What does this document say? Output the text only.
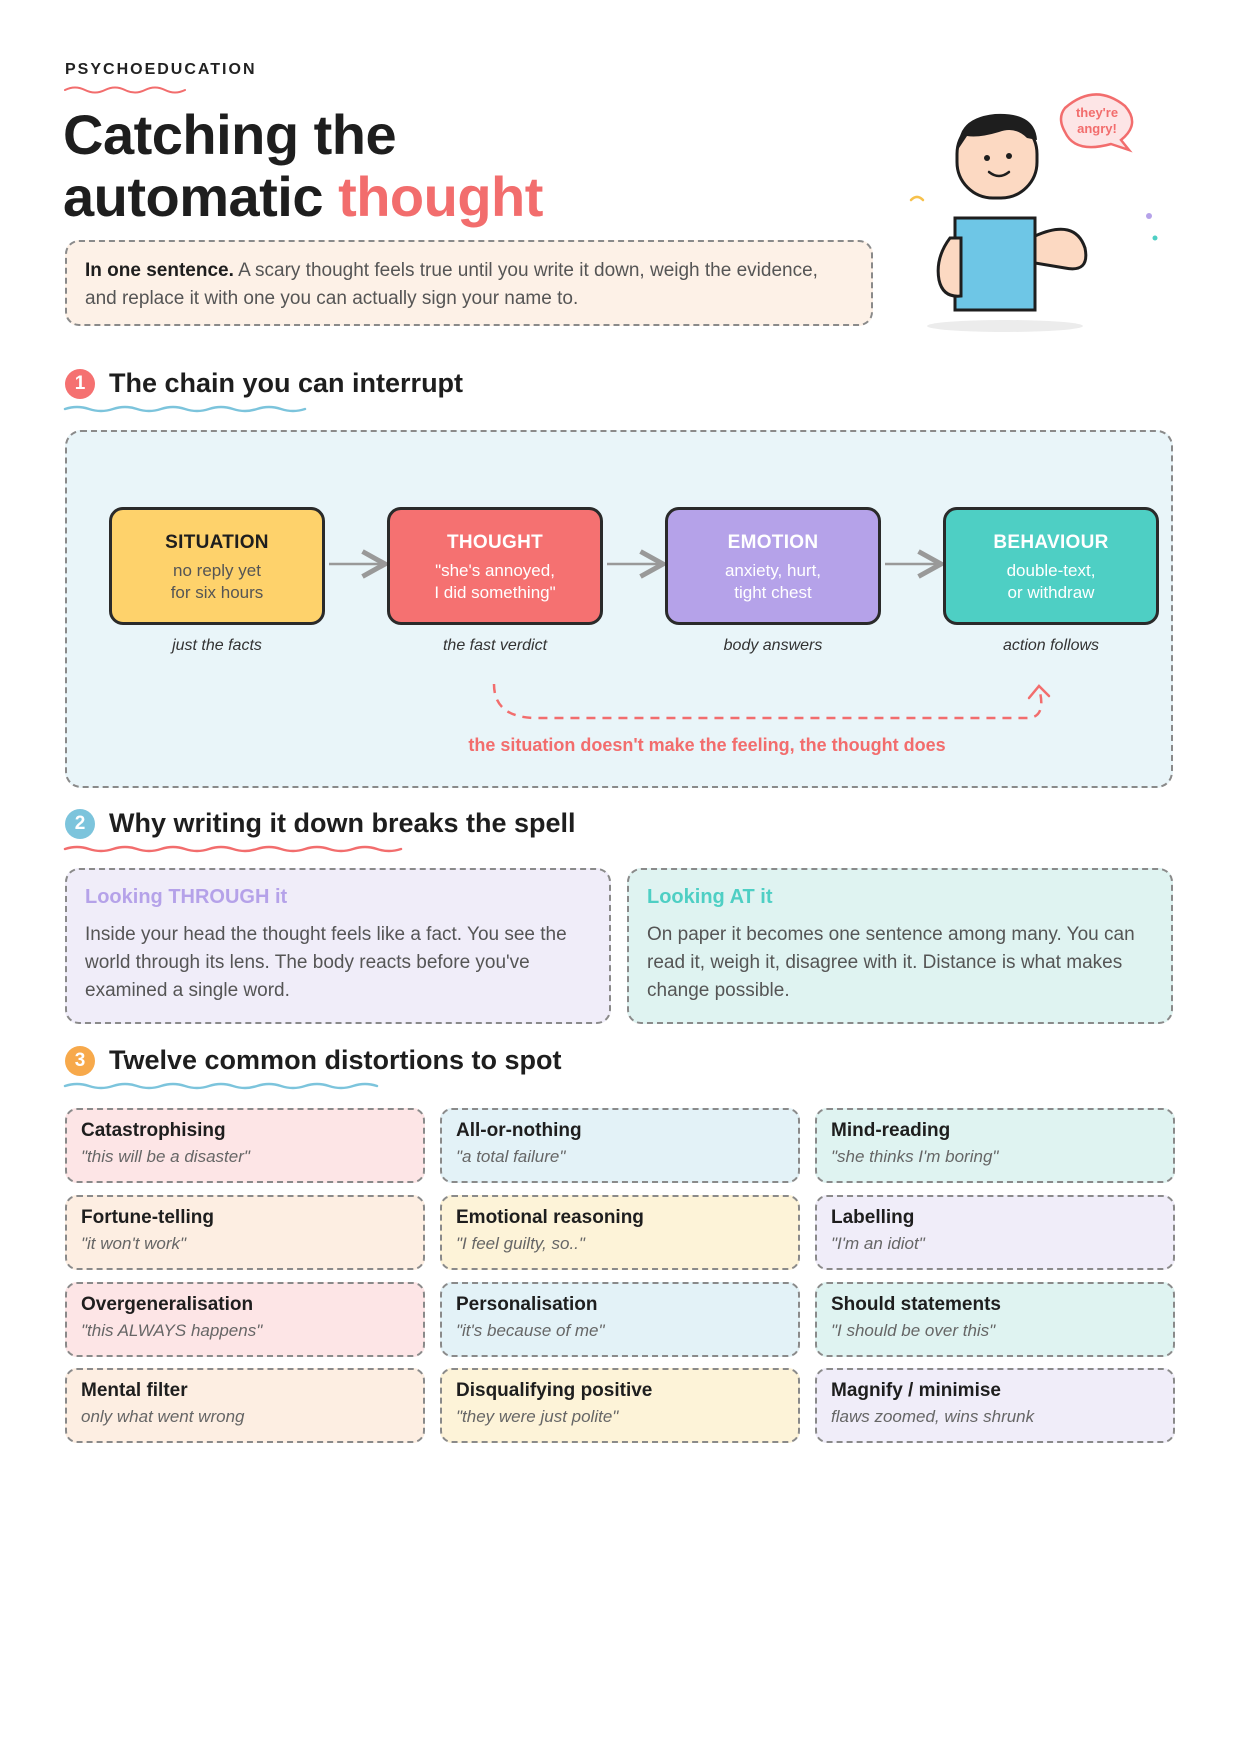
PSYCHOEDUCATION
Catching the
automatic thought
In one sentence. A scary thought feels true until you write it down, weigh the evidence, and replace it with one you can actually sign your name to.
they're
angry!
1 The chain you can interrupt
SITUATION
no reply yet
for six hours
just the facts
THOUGHT
"she's annoyed,
I did something"
the fast verdict
EMOTION
anxiety, hurt,
tight chest
body answers
BEHAVIOUR
double-text,
or withdraw
action follows
the situation doesn't make the feeling, the thought does
2 Why writing it down breaks the spell
Looking THROUGH it
Inside your head the thought feels like a fact. You see the world through its lens. The body reacts before you've examined a single word.
Looking AT it
On paper it becomes one sentence among many. You can read it, weigh it, disagree with it. Distance is what makes change possible.
3 Twelve common distortions to spot
Catastrophising
"this will be a disaster"
All-or-nothing
"a total failure"
Mind-reading
"she thinks I'm boring"
Fortune-telling
"it won't work"
Emotional reasoning
"I feel guilty, so.."
Labelling
"I'm an idiot"
Overgeneralisation
"this ALWAYS happens"
Personalisation
"it's because of me"
Should statements
"I should be over this"
Mental filter
only what went wrong
Disqualifying positive
"they were just polite"
Magnify / minimise
flaws zoomed, wins shrunk
